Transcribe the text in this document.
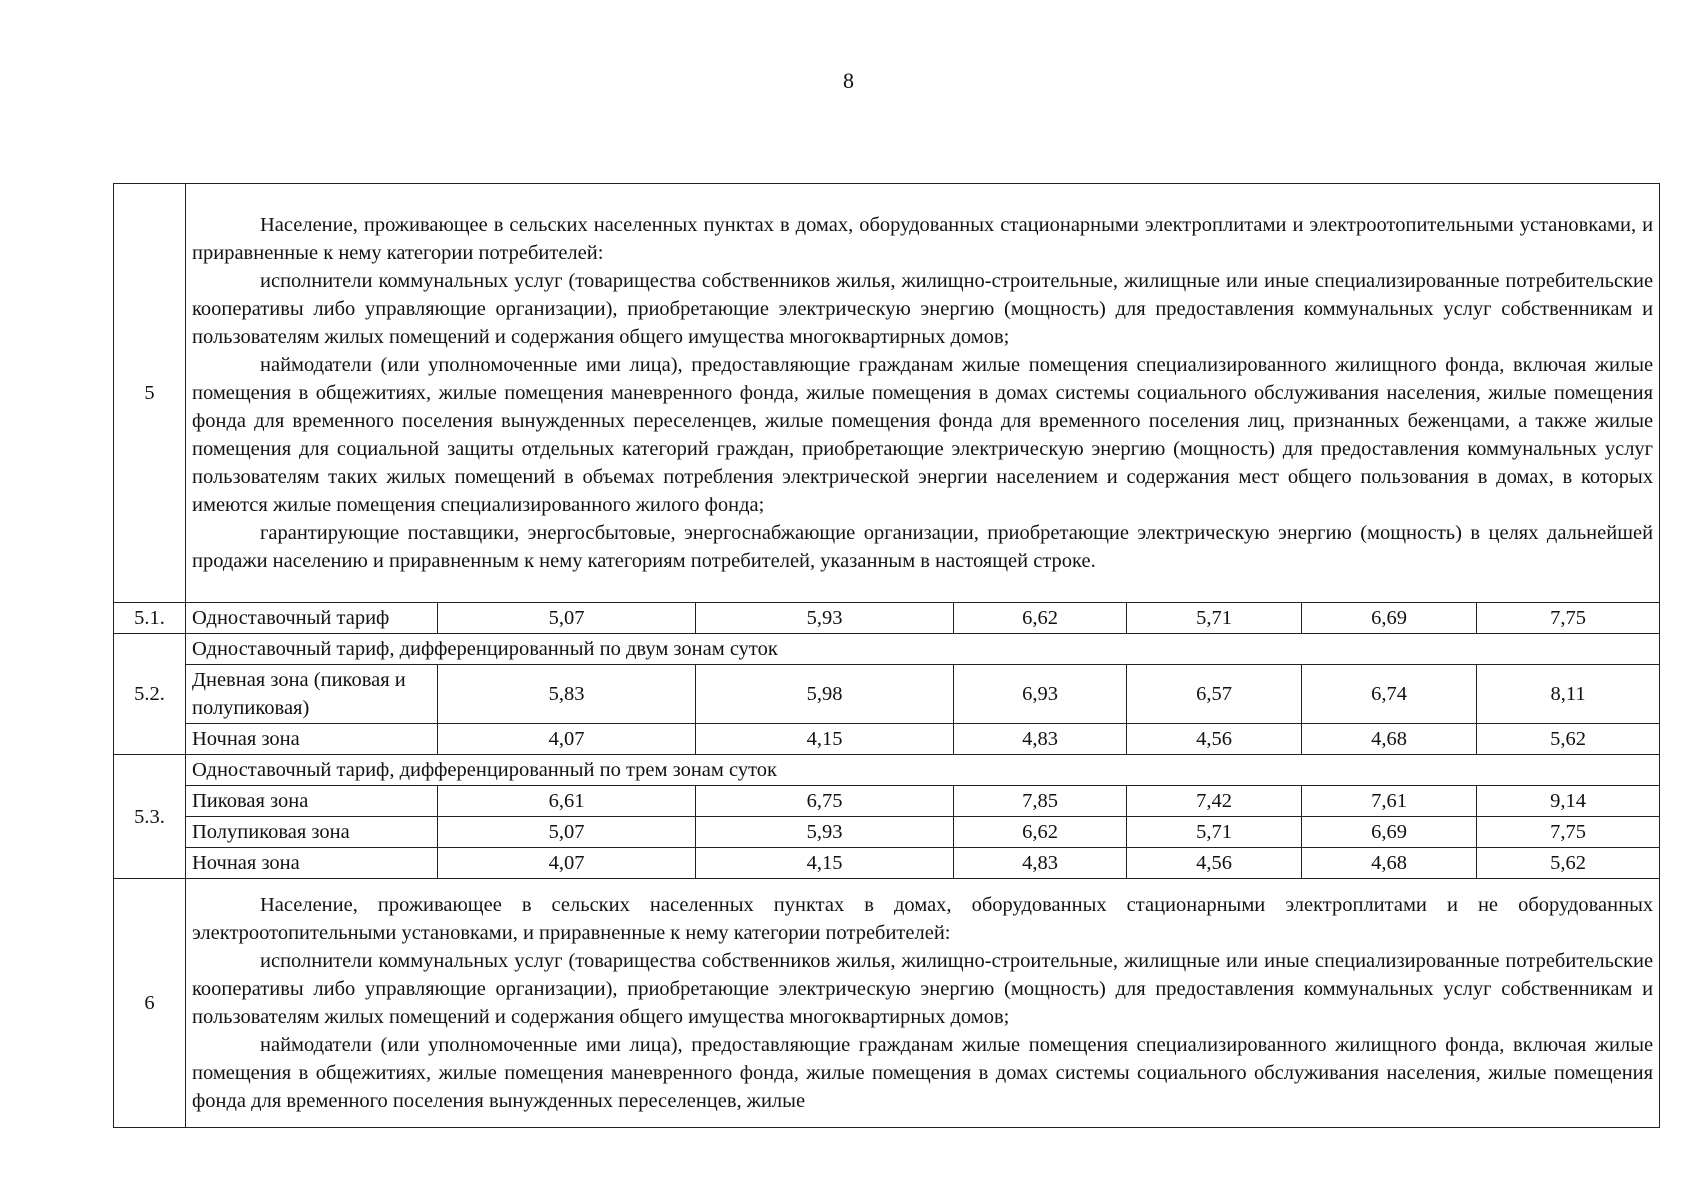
8
5	Население, проживающее в сельских населенных пунктах в домах, оборудованных стационарными электроплитами и электроотопительными установками, и приравненные к нему категории потребителей:

исполнители коммунальных услуг (товарищества собственников жилья, жилищно-строительные, жилищные или иные специализированные потребительские кооперативы либо управляющие организации), приобретающие электрическую энергию (мощность) для предоставления коммунальных услуг собственникам и пользователям жилых помещений и содержания общего имущества многоквартирных домов;

наймодатели (или уполномоченные ими лица), предоставляющие гражданам жилые помещения специализированного жилищного фонда, включая жилые помещения в общежитиях, жилые помещения маневренного фонда, жилые помещения в домах системы социального обслуживания населения, жилые помещения фонда для временного поселения вынужденных переселенцев, жилые помещения фонда для временного поселения лиц, признанных беженцами, а также жилые помещения для социальной защиты отдельных категорий граждан, приобретающие электрическую энергию (мощность) для предоставления коммунальных услуг пользователям таких жилых помещений в объемах потребления электрической энергии населением и содержания мест общего пользования в домах, в которых имеются жилые помещения специализированного жилого фонда;

гарантирующие поставщики, энергосбытовые, энергоснабжающие организации, приобретающие электрическую энергию (мощность) в целях дальнейшей продажи населению и приравненным к нему категориям потребителей, указанным в настоящей строке.						

5.1.	Одноставочный тариф	5,07	5,93	6,62	5,71	6,69	7,75
5.2.	Одноставочный тариф, дифференцированный по двум зонам суток						
	Дневная зона (пиковая и полупиковая)	5,83	5,98	6,93	6,57	6,74	8,11
	Ночная зона	4,07	4,15	4,83	4,56	4,68	5,62
5.3.	Одноставочный тариф, дифференцированный по трем зонам суток						
	Пиковая зона	6,61	6,75	7,85	7,42	7,61	9,14
	Полупиковая зона	5,07	5,93	6,62	5,71	6,69	7,75
	Ночная зона	4,07	4,15	4,83	4,56	4,68	5,62
6	Население, проживающее в сельских населенных пунктах в домах, оборудованных стационарными электроплитами и не оборудованных электроотопительными установками, и приравненные к нему категории потребителей:

исполнители коммунальных услуг (товарищества собственников жилья, жилищно-строительные, жилищные или иные специализированные потребительские кооперативы либо управляющие организации), приобретающие электрическую энергию (мощность) для предоставления коммунальных услуг собственникам и пользователям жилых помещений и содержания общего имущества многоквартирных домов;

наймодатели (или уполномоченные ими лица), предоставляющие гражданам жилые помещения специализированного жилищного фонда, включая жилые помещения в общежитиях, жилые помещения маневренного фонда, жилые помещения в домах системы социального обслуживания населения, жилые помещения фонда для временного поселения вынужденных переселенцев, жилые						
